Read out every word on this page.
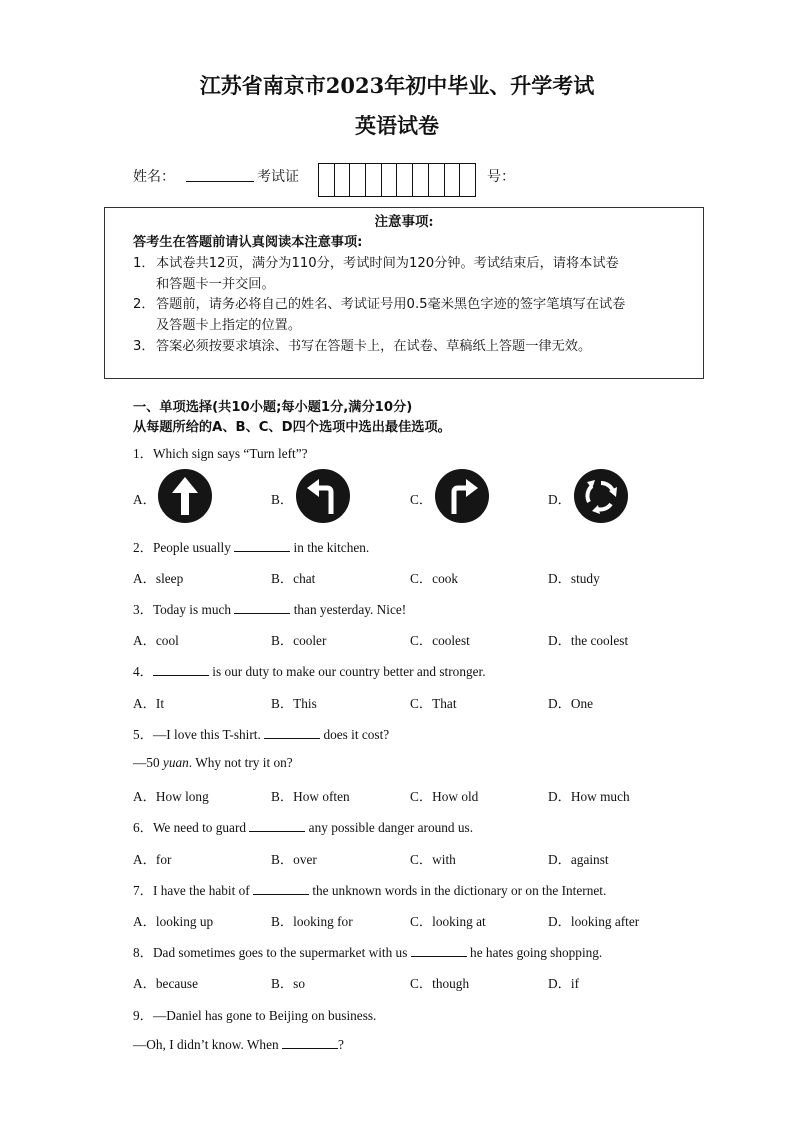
江苏省南京市2023年初中毕业、升学考试
英语试卷
姓名：	考试证	号：
注意事项:
答考生在答题前请认真阅读本注意事项:
1． 本试卷共12页，满分为110分，考试时间为120分钟。考试结束后，请将本试卷
和答题卡一并交回。
2． 答题前，请务必将自己的姓名、考试证号用0.5毫米黑色字迹的签字笔填写在试卷
及答题卡上指定的位置。
3． 答案必须按要求填涂、书写在答题卡上，在试卷、草稿纸上答题一律无效。
一、单项选择(共10小题;每小题1分,满分10分)
从每题所给的A、B、C、D四个选项中选出最佳选项。
1．Which sign says “Turn left”?
A．	B．	C．	D．
2．People usually	in the kitchen.
A．sleep	B．chat	C．cook	D．study
3．Today is much	than yesterday. Nice!
A．cool	B．cooler	C．coolest	D．the coolest
4．	is our duty to make our country better and stronger.
A．It	B．This	C．That	D．One
5．—I love this T-shirt.	does it cost?
—50 yuan. Why not try it on?
A．How long	B．How often	C．How old	D．How much
6．We need to guard	any possible danger around us.
A．for	B．over	C．with	D．against
7．I have the habit of	the unknown words in the dictionary or on the Internet.
A．looking up	B．looking for	C．looking at	D．looking after
8．Dad sometimes goes to the supermarket with us	he hates going shopping.
A．because	B．so	C．though	D．if
9．—Daniel has gone to Beijing on business.
—Oh, I didn’t know. When	?
